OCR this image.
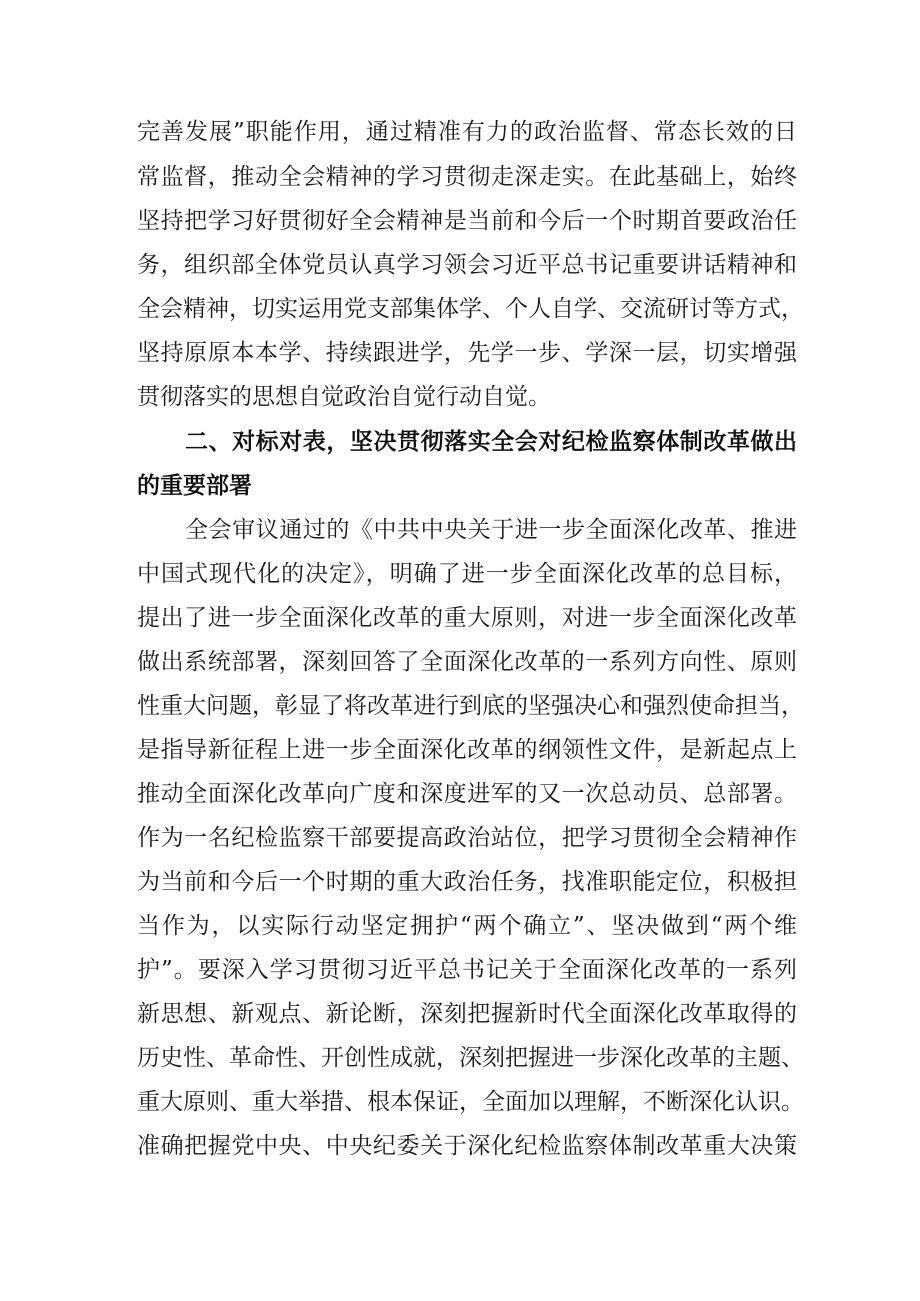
完善发展”职能作用，通过精准有力的政治监督、常态长效的日

常监督，推动全会精神的学习贯彻走深走实。在此基础上，始终

坚持把学习好贯彻好全会精神是当前和今后一个时期首要政治任

务，组织部全体党员认真学习领会习近平总书记重要讲话精神和

全会精神，切实运用党支部集体学、个人自学、交流研讨等方式，

坚持原原本本学、持续跟进学，先学一步、学深一层，切实增强

贯彻落实的思想自觉政治自觉行动自觉。

二、对标对表，坚决贯彻落实全会对纪检监察体制改革做出

的重要部署

全会审议通过的《中共中央关于进一步全面深化改革、推进

中国式现代化的决定》，明确了进一步全面深化改革的总目标，

提出了进一步全面深化改革的重大原则，对进一步全面深化改革

做出系统部署，深刻回答了全面深化改革的一系列方向性、原则

性重大问题，彰显了将改革进行到底的坚强决心和强烈使命担当，

是指导新征程上进一步全面深化改革的纲领性文件，是新起点上

推动全面深化改革向广度和深度进军的又一次总动员、总部署。

作为一名纪检监察干部要提高政治站位，把学习贯彻全会精神作

为当前和今后一个时期的重大政治任务，找准职能定位，积极担

当作为，以实际行动坚定拥护“两个确立”、坚决做到“两个维

护”。要深入学习贯彻习近平总书记关于全面深化改革的一系列

新思想、新观点、新论断，深刻把握新时代全面深化改革取得的

历史性、革命性、开创性成就，深刻把握进一步深化改革的主题、

重大原则、重大举措、根本保证，全面加以理解，不断深化认识。

准确把握党中央、中央纪委关于深化纪检监察体制改革重大决策
